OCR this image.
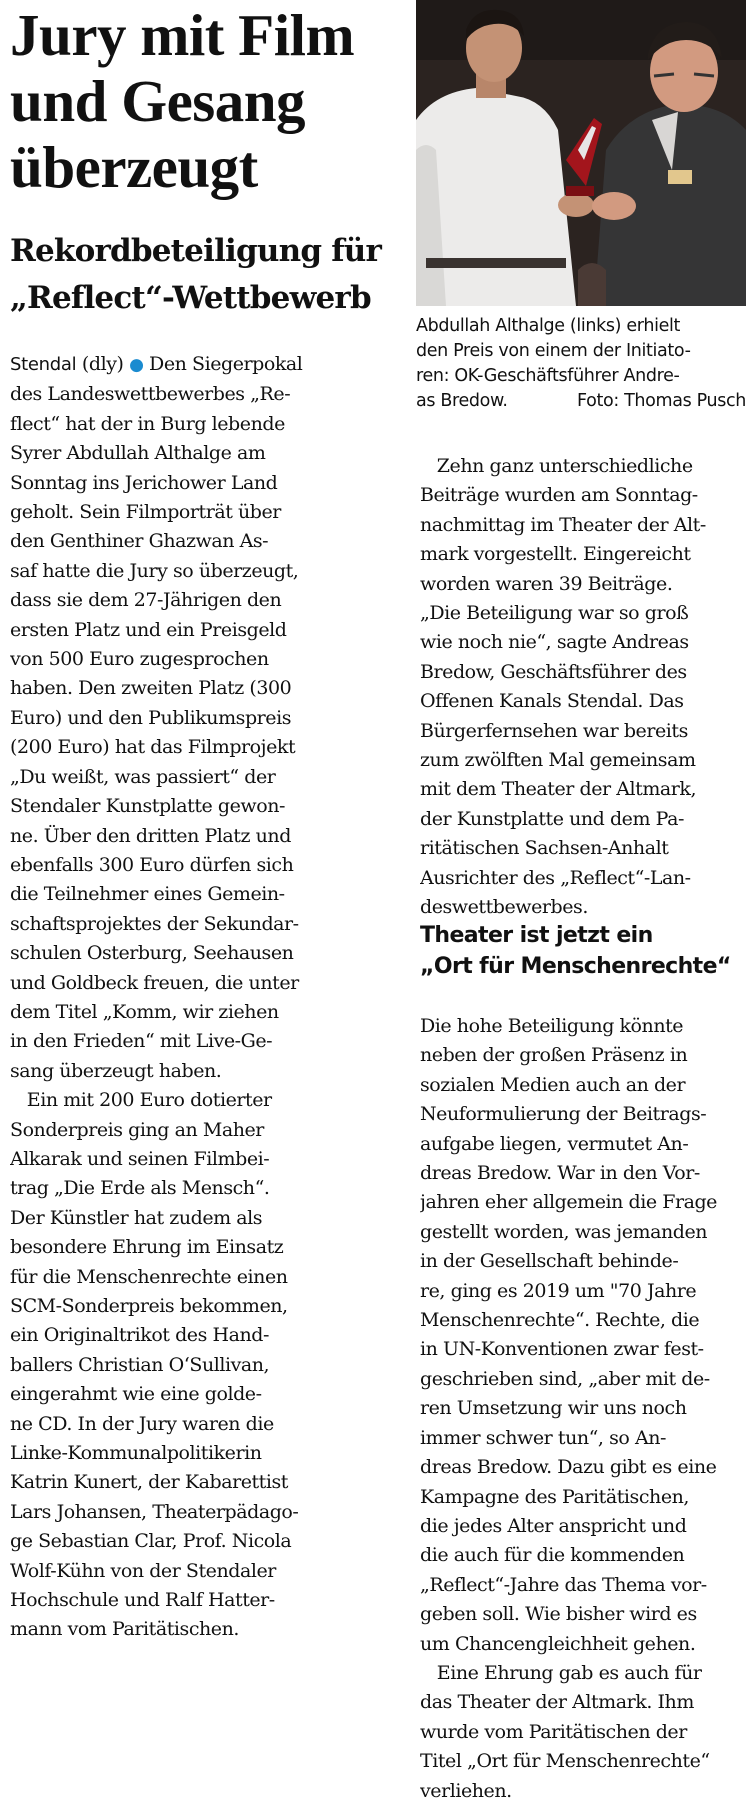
Jury mit Film
und Gesang
überzeugt
Rekordbeteiligung für
„Reflect“-Wettbewerb
Abdullah Althalge (links) erhielt
den Preis von einem der Initiato-
ren: OK-Geschäftsführer Andre-
as Bredow.	Foto: Thomas Pusch
Stendal (dly) ● Den Siegerpokal
des Landeswettbewerbes „Re-
flect“ hat der in Burg lebende
Syrer Abdullah Althalge am
Sonntag ins Jerichower Land
geholt. Sein Filmporträt über
den Genthiner Ghazwan As-
saf hatte die Jury so überzeugt,
dass sie dem 27-Jährigen den
ersten Platz und ein Preisgeld
von 500 Euro zugesprochen
haben. Den zweiten Platz (300
Euro) und den Publikumspreis
(200 Euro) hat das Filmprojekt
„Du weißt, was passiert“ der
Stendaler Kunstplatte gewon-
ne. Über den dritten Platz und
ebenfalls 300 Euro dürfen sich
die Teilnehmer eines Gemein-
schaftsprojektes der Sekundar-
schulen Osterburg, Seehausen
und Goldbeck freuen, die unter
dem Titel „Komm, wir ziehen
in den Frieden“ mit Live-Ge-
sang überzeugt haben.
Ein mit 200 Euro dotierter
Sonderpreis ging an Maher
Alkarak und seinen Filmbei-
trag „Die Erde als Mensch“.
Der Künstler hat zudem als
besondere Ehrung im Einsatz
für die Menschenrechte einen
SCM-Sonderpreis bekommen,
ein Originaltrikot des Hand-
ballers Christian O‘Sullivan,
eingerahmt wie eine golde-
ne CD. In der Jury waren die
Linke-Kommunalpolitikerin
Katrin Kunert, der Kabarettist
Lars Johansen, Theaterpädago-
ge Sebastian Clar, Prof. Nicola
Wolf-Kühn von der Stendaler
Hochschule und Ralf Hatter-
mann vom Paritätischen.
Zehn ganz unterschiedliche
Beiträge wurden am Sonntag-
nachmittag im Theater der Alt-
mark vorgestellt. Eingereicht
worden waren 39 Beiträge.
„Die Beteiligung war so groß
wie noch nie“, sagte Andreas
Bredow, Geschäftsführer des
Offenen Kanals Stendal. Das
Bürgerfernsehen war bereits
zum zwölften Mal gemeinsam
mit dem Theater der Altmark,
der Kunstplatte und dem Pa-
ritätischen Sachsen-Anhalt
Ausrichter des „Reflect“-Lan-
deswettbewerbes.
Theater ist jetzt ein
„Ort für Menschenrechte“
Die hohe Beteiligung könnte
neben der großen Präsenz in
sozialen Medien auch an der
Neuformulierung der Beitrags-
aufgabe liegen, vermutet An-
dreas Bredow. War in den Vor-
jahren eher allgemein die Frage
gestellt worden, was jemanden
in der Gesellschaft behinde-
re, ging es 2019 um "70 Jahre
Menschenrechte“. Rechte, die
in UN-Konventionen zwar fest-
geschrieben sind, „aber mit de-
ren Umsetzung wir uns noch
immer schwer tun“, so An-
dreas Bredow. Dazu gibt es eine
Kampagne des Paritätischen,
die jedes Alter anspricht und
die auch für die kommenden
„Reflect“-Jahre das Thema vor-
geben soll. Wie bisher wird es
um Chancengleichheit gehen.
Eine Ehrung gab es auch für
das Theater der Altmark. Ihm
wurde vom Paritätischen der
Titel „Ort für Menschenrechte“
verliehen.
